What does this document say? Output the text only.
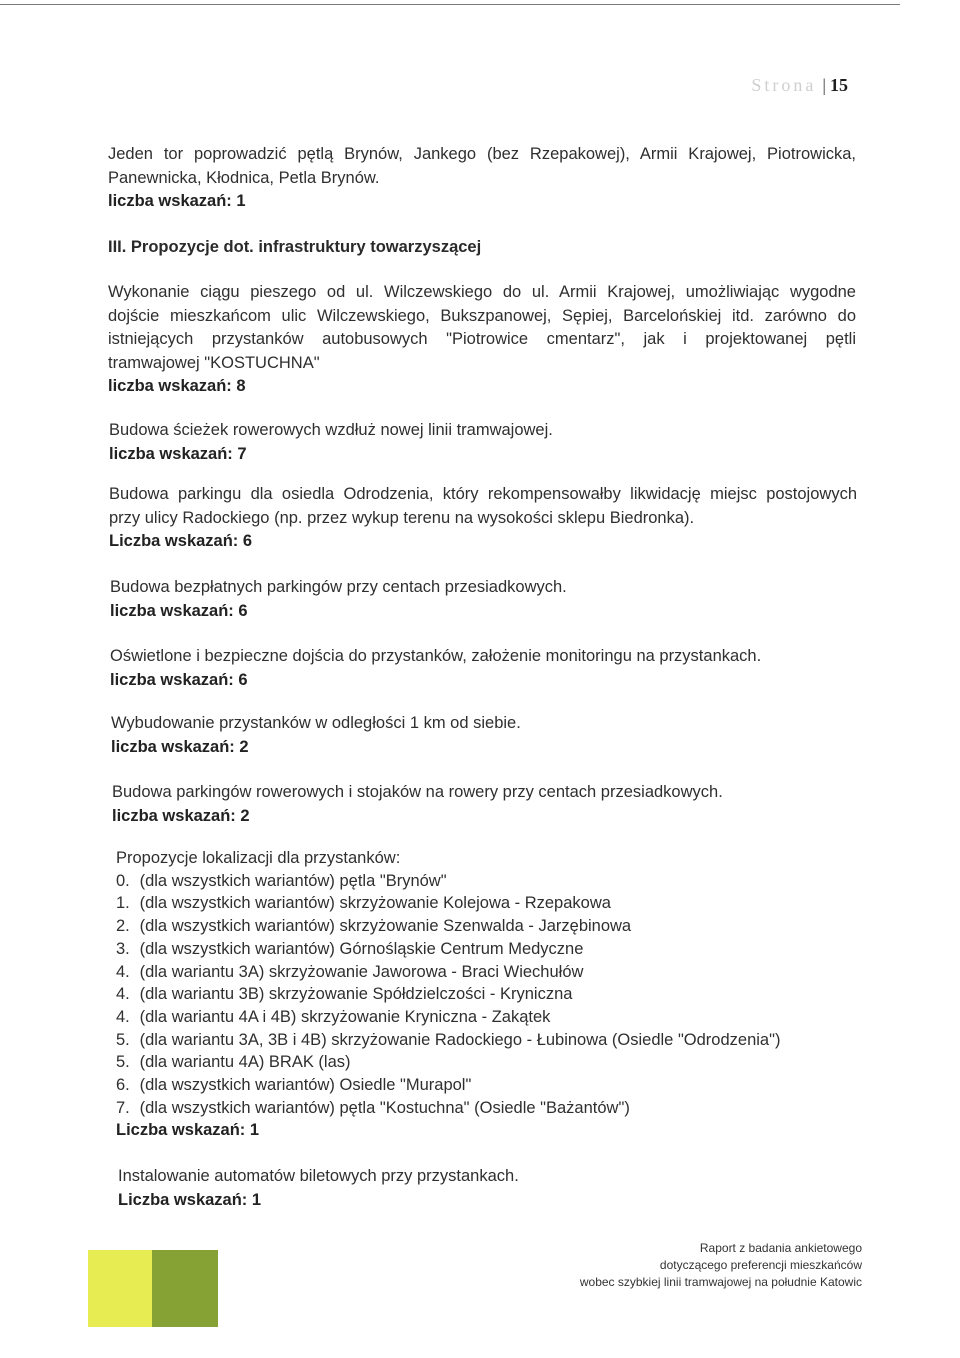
Strona | 15
Jeden tor poprowadzić pętlą Brynów, Jankego (bez Rzepakowej), Armii Krajowej, Piotrowicka,
Panewnicka, Kłodnica, Petla Brynów.
liczba wskazań: 1
III. Propozycje dot. infrastruktury towarzyszącej
Wykonanie ciągu pieszego od ul. Wilczewskiego do ul. Armii Krajowej, umożliwiając wygodne
dojście mieszkańcom ulic Wilczewskiego, Bukszpanowej, Sępiej, Barcelońskiej itd. zarówno do
istniejących przystanków autobusowych "Piotrowice cmentarz", jak i projektowanej pętli
tramwajowej "KOSTUCHNA"
liczba wskazań: 8
Budowa ścieżek rowerowych wzdłuż nowej linii tramwajowej.
liczba wskazań: 7
Budowa parkingu dla osiedla Odrodzenia, który rekompensowałby likwidację miejsc postojowych
przy ulicy Radockiego (np. przez wykup terenu na wysokości sklepu Biedronka).
Liczba wskazań: 6
Budowa bezpłatnych parkingów przy centach przesiadkowych.
liczba wskazań: 6
Oświetlone i bezpieczne dojścia do przystanków, założenie monitoringu na przystankach.
liczba wskazań: 6
Wybudowanie przystanków w odległości 1 km od siebie.
liczba wskazań: 2
Budowa parkingów rowerowych i stojaków na rowery przy centach przesiadkowych.
liczba wskazań: 2
Propozycje lokalizacji dla przystanków:
0. (dla wszystkich wariantów) pętla "Brynów"
1. (dla wszystkich wariantów) skrzyżowanie Kolejowa - Rzepakowa
2. (dla wszystkich wariantów) skrzyżowanie Szenwalda - Jarzębinowa
3. (dla wszystkich wariantów) Górnośląskie Centrum Medyczne
4. (dla wariantu 3A) skrzyżowanie Jaworowa - Braci Wiechułów
4. (dla wariantu 3B) skrzyżowanie Spółdzielczości - Kryniczna
4. (dla wariantu 4A i 4B) skrzyżowanie Kryniczna - Zakątek
5. (dla wariantu 3A, 3B i 4B) skrzyżowanie Radockiego - Łubinowa (Osiedle "Odrodzenia")
5. (dla wariantu 4A) BRAK (las)
6. (dla wszystkich wariantów) Osiedle "Murapol"
7. (dla wszystkich wariantów) pętla "Kostuchna" (Osiedle "Bażantów")
Liczba wskazań: 1
Instalowanie automatów biletowych przy przystankach.
Liczba wskazań: 1
Raport z badania ankietowego
dotyczącego preferencji mieszkańców
wobec szybkiej linii tramwajowej na południe Katowic
